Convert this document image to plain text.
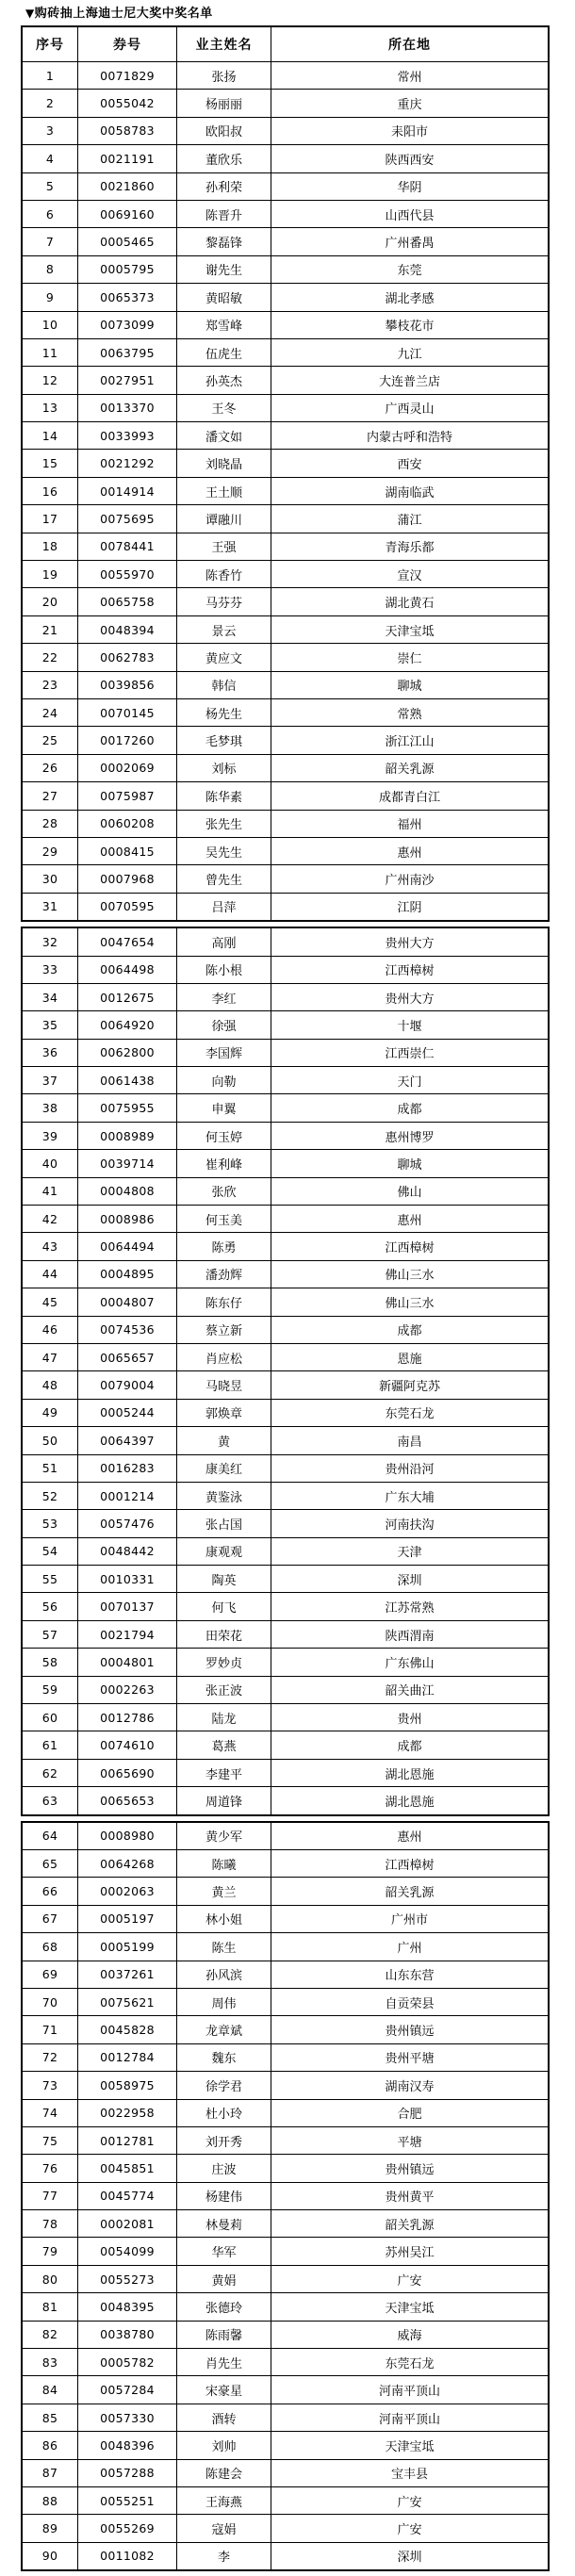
▼购砖抽上海迪士尼大奖中奖名单
序号	券号	业主姓名	所在地
1	0071829	张扬	常州
2	0055042	杨丽丽	重庆
3	0058783	欧阳叔	耒阳市
4	0021191	董欣乐	陕西西安
5	0021860	孙利荣	华阴
6	0069160	陈晋升	山西代县
7	0005465	黎磊锋	广州番禺
8	0005795	谢先生	东莞
9	0065373	黄昭敏	湖北孝感
10	0073099	郑雪峰	攀枝花市
11	0063795	伍虎生	九江
12	0027951	孙英杰	大连普兰店
13	0013370	王冬	广西灵山
14	0033993	潘文如	内蒙古呼和浩特
15	0021292	刘晓晶	西安
16	0014914	王土顺	湖南临武
17	0075695	谭融川	蒲江
18	0078441	王强	青海乐都
19	0055970	陈香竹	宣汉
20	0065758	马芬芬	湖北黄石
21	0048394	景云	天津宝坻
22	0062783	黄应文	崇仁
23	0039856	韩信	聊城
24	0070145	杨先生	常熟
25	0017260	毛梦琪	浙江江山
26	0002069	刘标	韶关乳源
27	0075987	陈华素	成都青白江
28	0060208	张先生	福州
29	0008415	吴先生	惠州
30	0007968	曾先生	广州南沙
31	0070595	吕萍	江阴
32	0047654	高刚	贵州大方
33	0064498	陈小根	江西樟树
34	0012675	李红	贵州大方
35	0064920	徐强	十堰
36	0062800	李国辉	江西崇仁
37	0061438	向勒	天门
38	0075955	申翼	成都
39	0008989	何玉婷	惠州博罗
40	0039714	崔利峰	聊城
41	0004808	张欣	佛山
42	0008986	何玉美	惠州
43	0064494	陈勇	江西樟树
44	0004895	潘劲辉	佛山三水
45	0004807	陈东仔	佛山三水
46	0074536	蔡立新	成都
47	0065657	肖应松	恩施
48	0079004	马晓昱	新疆阿克苏
49	0005244	郭焕章	东莞石龙
50	0064397	黄	南昌
51	0016283	康美红	贵州沿河
52	0001214	黄鉴泳	广东大埔
53	0057476	张占国	河南扶沟
54	0048442	康观观	天津
55	0010331	陶英	深圳
56	0070137	何飞	江苏常熟
57	0021794	田荣花	陕西渭南
58	0004801	罗妙贞	广东佛山
59	0002263	张正波	韶关曲江
60	0012786	陆龙	贵州
61	0074610	葛燕	成都
62	0065690	李建平	湖北恩施
63	0065653	周道锋	湖北恩施
64	0008980	黄少军	惠州
65	0064268	陈曦	江西樟树
66	0002063	黄兰	韶关乳源
67	0005197	林小姐	广州市
68	0005199	陈生	广州
69	0037261	孙风滨	山东东营
70	0075621	周伟	自贡荣县
71	0045828	龙章斌	贵州镇远
72	0012784	魏东	贵州平塘
73	0058975	徐学君	湖南汉寿
74	0022958	杜小玲	合肥
75	0012781	刘开秀	平塘
76	0045851	庄波	贵州镇远
77	0045774	杨建伟	贵州黄平
78	0002081	林曼莉	韶关乳源
79	0054099	华军	苏州吴江
80	0055273	黄娟	广安
81	0048395	张德玲	天津宝坻
82	0038780	陈雨馨	威海
83	0005782	肖先生	东莞石龙
84	0057284	宋豪星	河南平顶山
85	0057330	酒转	河南平顶山
86	0048396	刘帅	天津宝坻
87	0057288	陈建会	宝丰县
88	0055251	王海燕	广安
89	0055269	寇娟	广安
90	0011082	李	深圳
